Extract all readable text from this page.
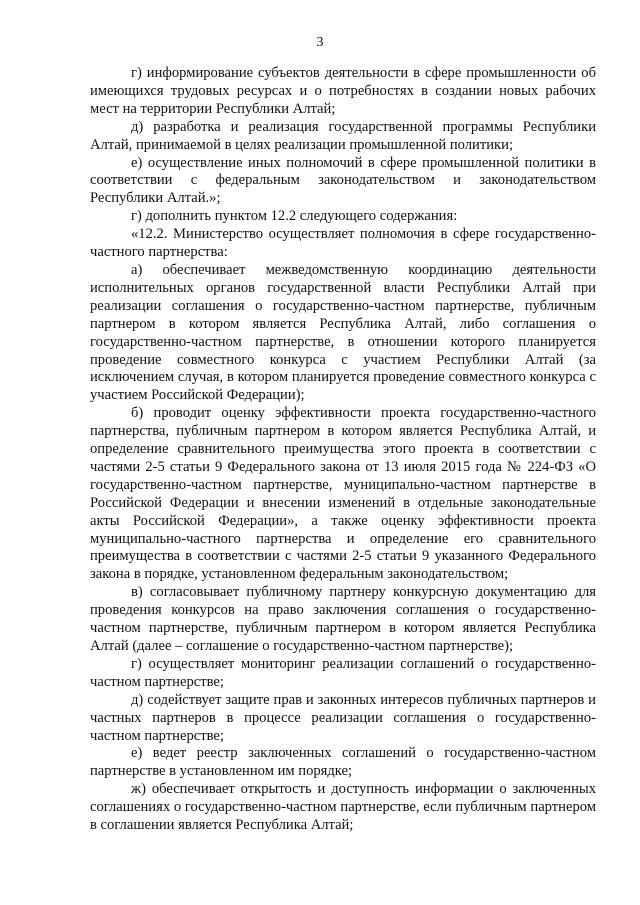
3

г) информирование субъектов деятельности в сфере промышленности об имеющихся трудовых ресурсах и о потребностях в создании новых рабочих мест на территории Республики Алтай;

д) разработка и реализация государственной программы Республики Алтай, принимаемой в целях реализации промышленной политики;

е) осуществление иных полномочий в сфере промышленной политики в соответствии с федеральным законодательством и законодательством Республики Алтай.»;

г) дополнить пунктом 12.2 следующего содержания:

«12.2. Министерство осуществляет полномочия в сфере государственно-частного партнерства:

а) обеспечивает межведомственную координацию деятельности исполнительных органов государственной власти Республики Алтай при реализации соглашения о государственно-частном партнерстве, публичным партнером в котором является Республика Алтай, либо соглашения о государственно-частном партнерстве, в отношении которого планируется проведение совместного конкурса с участием Республики Алтай (за исключением случая, в котором планируется проведение совместного конкурса с участием Российской Федерации);

б) проводит оценку эффективности проекта государственно-частного партнерства, публичным партнером в котором является Республика Алтай, и определение сравнительного преимущества этого проекта в соответствии с частями 2-5 статьи 9 Федерального закона от 13 июля 2015 года № 224-ФЗ «О государственно-частном партнерстве, муниципально-частном партнерстве в Российской Федерации и внесении изменений в отдельные законодательные акты Российской Федерации», а также оценку эффективности проекта муниципально-частного партнерства и определение его сравнительного преимущества в соответствии с частями 2-5 статьи 9 указанного Федерального закона в порядке, установленном федеральным законодательством;

в) согласовывает публичному партнеру конкурсную документацию для проведения конкурсов на право заключения соглашения о государственно-частном партнерстве, публичным партнером в котором является Республика Алтай (далее – соглашение о государственно-частном партнерстве);

г) осуществляет мониторинг реализации соглашений о государственно-частном партнерстве;

д) содействует защите прав и законных интересов публичных партнеров и частных партнеров в процессе реализации соглашения о государственно-частном партнерстве;

е) ведет реестр заключенных соглашений о государственно-частном партнерстве в установленном им порядке;

ж) обеспечивает открытость и доступность информации о заключенных соглашениях о государственно-частном партнерстве, если публичным партнером в соглашении является Республика Алтай;
